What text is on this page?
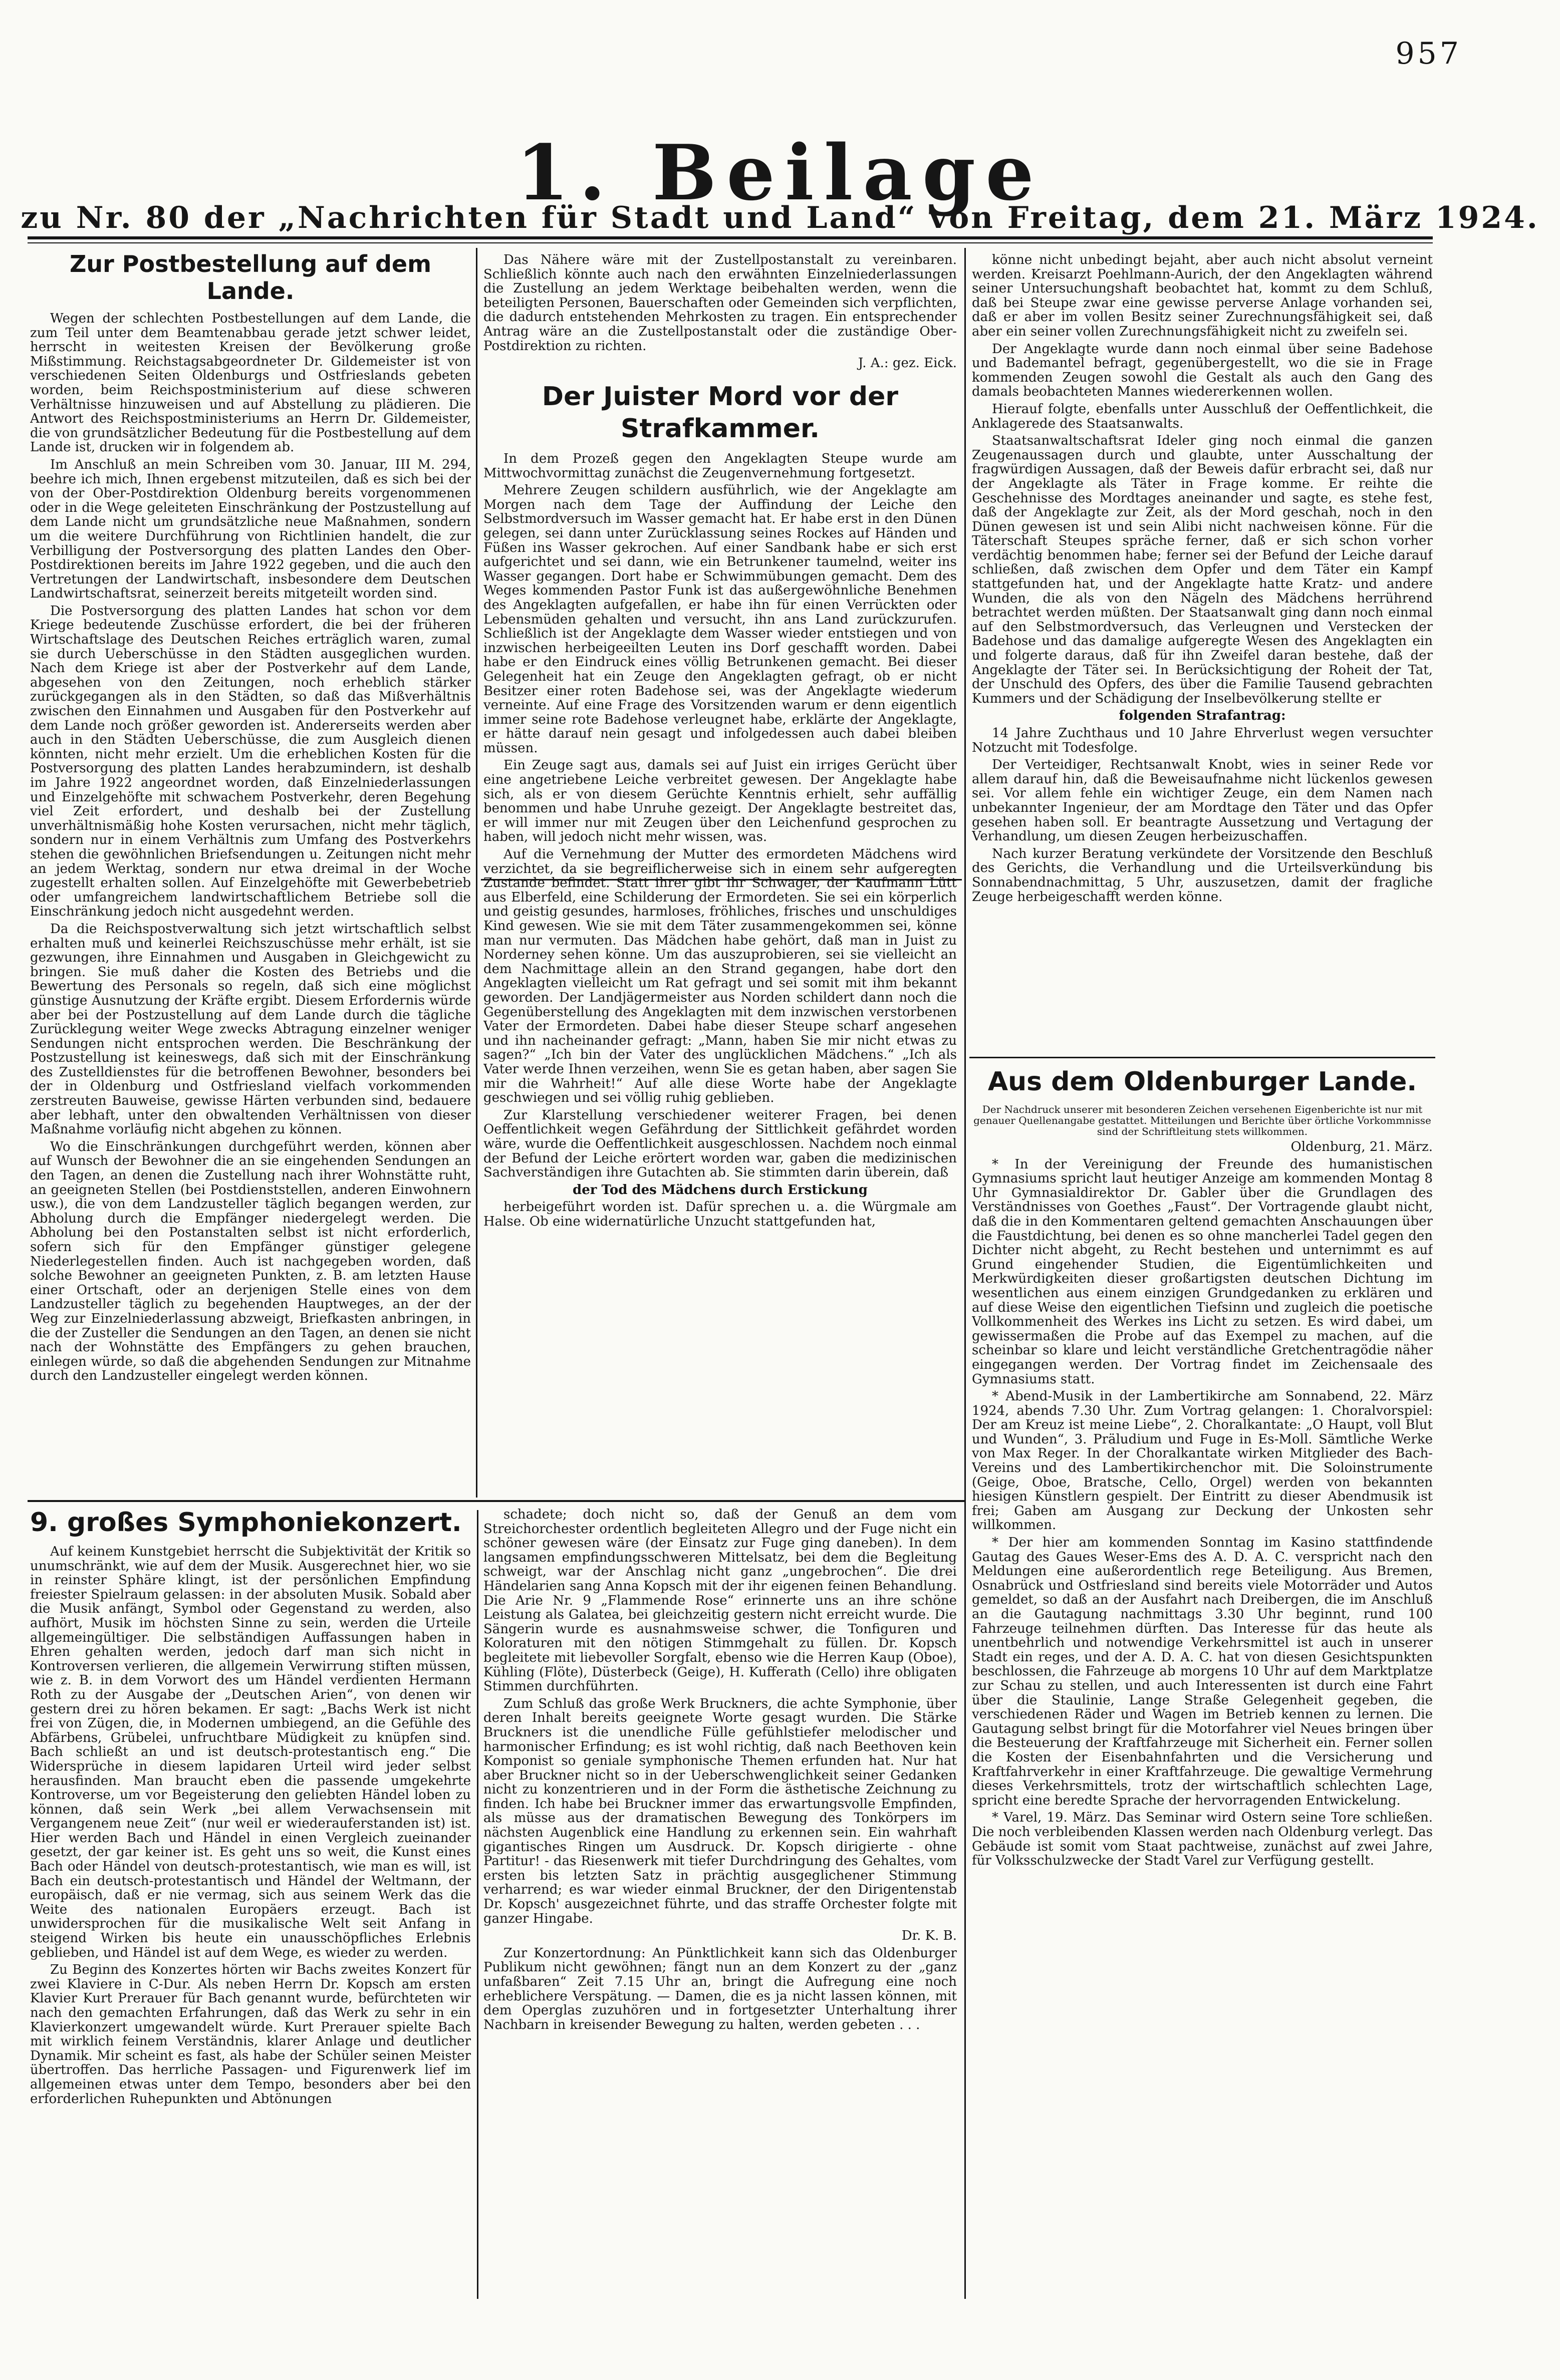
957
1. Beilage
zu Nr. 80 der „Nachrichten für Stadt und Land“ von Freitag, dem 21. März 1924.
Zur Postbestellung auf dem Lande.

Wegen der schlechten Postbestellungen auf dem Lande, die zum Teil unter dem Beamtenabbau gerade jetzt schwer leidet, herrscht in weitesten Kreisen der Bevölkerung große Mißstimmung. Reichstagsabgeordneter Dr. Gildemeister ist von verschiedenen Seiten Oldenburgs und Ostfrieslands gebeten worden, beim Reichspostministerium auf diese schweren Verhältnisse hinzuweisen und auf Abstellung zu plädieren. Die Antwort des Reichspostministeriums an Herrn Dr. Gildemeister, die von grundsätzlicher Bedeutung für die Postbestellung auf dem Lande ist, drucken wir in folgendem ab.

Im Anschluß an mein Schreiben vom 30. Januar, III M. 294, beehre ich mich, Ihnen ergebenst mitzuteilen, daß es sich bei der von der Ober-Postdirektion Oldenburg bereits vorgenommenen oder in die Wege geleiteten Einschränkung der Postzustellung auf dem Lande nicht um grundsätzliche neue Maßnahmen, sondern um die weitere Durchführung von Richtlinien handelt, die zur Verbilligung der Postversorgung des platten Landes den Ober-Postdirektionen bereits im Jahre 1922 gegeben, und die auch den Vertretungen der Landwirtschaft, insbesondere dem Deutschen Landwirtschaftsrat, seinerzeit bereits mitgeteilt worden sind.

Die Postversorgung des platten Landes hat schon vor dem Kriege bedeutende Zuschüsse erfordert, die bei der früheren Wirtschaftslage des Deutschen Reiches erträglich waren, zumal sie durch Ueberschüsse in den Städten ausgeglichen wurden. Nach dem Kriege ist aber der Postverkehr auf dem Lande, abgesehen von den Zeitungen, noch erheblich stärker zurückgegangen als in den Städten, so daß das Mißverhältnis zwischen den Einnahmen und Ausgaben für den Postverkehr auf dem Lande noch größer geworden ist. Andererseits werden aber auch in den Städten Ueberschüsse, die zum Ausgleich dienen könnten, nicht mehr erzielt. Um die erheblichen Kosten für die Postversorgung des platten Landes herabzumindern, ist deshalb im Jahre 1922 angeordnet worden, daß Einzelniederlassungen und Einzelgehöfte mit schwachem Postverkehr, deren Begehung viel Zeit erfordert, und deshalb bei der Zustellung unverhältnismäßig hohe Kosten verursachen, nicht mehr täglich, sondern nur in einem Verhältnis zum Umfang des Postverkehrs stehen die gewöhnlichen Briefsendungen u. Zeitungen nicht mehr an jedem Werktag, sondern nur etwa dreimal in der Woche zugestellt erhalten sollen. Auf Einzelgehöfte mit Gewerbebetrieb oder umfangreichem landwirtschaftlichem Betriebe soll die Einschränkung jedoch nicht ausgedehnt werden.

Da die Reichspostverwaltung sich jetzt wirtschaftlich selbst erhalten muß und keinerlei Reichszuschüsse mehr erhält, ist sie gezwungen, ihre Einnahmen und Ausgaben in Gleichgewicht zu bringen. Sie muß daher die Kosten des Betriebs und die Bewertung des Personals so regeln, daß sich eine möglichst günstige Ausnutzung der Kräfte ergibt. Diesem Erfordernis würde aber bei der Postzustellung auf dem Lande durch die tägliche Zurücklegung weiter Wege zwecks Abtragung einzelner weniger Sendungen nicht entsprochen werden. Die Beschränkung der Postzustellung ist keineswegs, daß sich mit der Einschränkung des Zustelldienstes für die betroffenen Bewohner, besonders bei der in Oldenburg und Ostfriesland vielfach vorkommenden zerstreuten Bauweise, gewisse Härten verbunden sind, bedauere aber lebhaft, unter den obwaltenden Verhältnissen von dieser Maßnahme vorläufig nicht abgehen zu können.

Wo die Einschränkungen durchgeführt werden, können aber auf Wunsch der Bewohner die an sie eingehenden Sendungen an den Tagen, an denen die Zustellung nach ihrer Wohnstätte ruht, an geeigneten Stellen (bei Postdienststellen, anderen Einwohnern usw.), die von dem Landzusteller täglich begangen werden, zur Abholung durch die Empfänger niedergelegt werden. Die Abholung bei den Postanstalten selbst ist nicht erforderlich, sofern sich für den Empfänger günstiger gelegene Niederlegestellen finden. Auch ist nachgegeben worden, daß solche Bewohner an geeigneten Punkten, z. B. am letzten Hause einer Ortschaft, oder an derjenigen Stelle eines von dem Landzusteller täglich zu begehenden Hauptweges, an der der Weg zur Einzelniederlassung abzweigt, Briefkasten anbringen, in die der Zusteller die Sendungen an den Tagen, an denen sie nicht nach der Wohnstätte des Empfängers zu gehen brauchen, einlegen würde, so daß die abgehenden Sendungen zur Mitnahme durch den Landzusteller eingelegt werden können.

Das Nähere wäre mit der Zustellpostanstalt zu vereinbaren. Schließlich könnte auch nach den erwähnten Einzelniederlassungen die Zustellung an jedem Werktage beibehalten werden, wenn die beteiligten Personen, Bauerschaften oder Gemeinden sich verpflichten, die dadurch entstehenden Mehrkosten zu tragen. Ein entsprechender Antrag wäre an die Zustellpostanstalt oder die zuständige Ober-Postdirektion zu richten.

J. A.: gez. Eick.

Der Juister Mord vor der Strafkammer.

In dem Prozeß gegen den Angeklagten Steupe wurde am Mittwochvormittag zunächst die Zeugenvernehmung fortgesetzt.

Mehrere Zeugen schildern ausführlich, wie der Angeklagte am Morgen nach dem Tage der Auffindung der Leiche den Selbstmordversuch im Wasser gemacht hat. Er habe erst in den Dünen gelegen, sei dann unter Zurücklassung seines Rockes auf Händen und Füßen ins Wasser gekrochen. Auf einer Sandbank habe er sich erst aufgerichtet und sei dann, wie ein Betrunkener taumelnd, weiter ins Wasser gegangen. Dort habe er Schwimmübungen gemacht. Dem des Weges kommenden Pastor Funk ist das außergewöhnliche Benehmen des Angeklagten aufgefallen, er habe ihn für einen Verrückten oder Lebensmüden gehalten und versucht, ihn ans Land zurückzurufen. Schließlich ist der Angeklagte dem Wasser wieder entstiegen und von inzwischen herbeigeeilten Leuten ins Dorf geschafft worden. Dabei habe er den Eindruck eines völlig Betrunkenen gemacht. Bei dieser Gelegenheit hat ein Zeuge den Angeklagten gefragt, ob er nicht Besitzer einer roten Badehose sei, was der Angeklagte wiederum verneinte. Auf eine Frage des Vorsitzenden warum er denn eigentlich immer seine rote Badehose verleugnet habe, erklärte der Angeklagte, er hätte darauf nein gesagt und infolgedessen auch dabei bleiben müssen.

Ein Zeuge sagt aus, damals sei auf Juist ein irriges Gerücht über eine angetriebene Leiche verbreitet gewesen. Der Angeklagte habe sich, als er von diesem Gerüchte Kenntnis erhielt, sehr auffällig benommen und habe Unruhe gezeigt. Der Angeklagte bestreitet das, er will immer nur mit Zeugen über den Leichenfund gesprochen zu haben, will jedoch nicht mehr wissen, was.

Auf die Vernehmung der Mutter des ermordeten Mädchens wird verzichtet, da sie begreiflicherweise sich in einem sehr aufgeregten Zustande befindet. Statt ihrer gibt ihr Schwager, der Kaufmann Lütt aus Elberfeld, eine Schilderung der Ermordeten. Sie sei ein körperlich und geistig gesundes, harmloses, fröhliches, frisches und unschuldiges Kind gewesen. Wie sie mit dem Täter zusammengekommen sei, könne man nur vermuten. Das Mädchen habe gehört, daß man in Juist zu Norderney sehen könne. Um das auszuprobieren, sei sie vielleicht an dem Nachmittage allein an den Strand gegangen, habe dort den Angeklagten vielleicht um Rat gefragt und sei somit mit ihm bekannt geworden. Der Landjägermeister aus Norden schildert dann noch die Gegenüberstellung des Angeklagten mit dem inzwischen verstorbenen Vater der Ermordeten. Dabei habe dieser Steupe scharf angesehen und ihn nacheinander gefragt: „Mann, haben Sie mir nicht etwas zu sagen?“ „Ich bin der Vater des unglücklichen Mädchens.“ „Ich als Vater werde Ihnen verzeihen, wenn Sie es getan haben, aber sagen Sie mir die Wahrheit!“ Auf alle diese Worte habe der Angeklagte geschwiegen und sei völlig ruhig geblieben.

Zur Klarstellung verschiedener weiterer Fragen, bei denen Oeffentlichkeit wegen Gefährdung der Sittlichkeit gefährdet worden wäre, wurde die Oeffentlichkeit ausgeschlossen. Nachdem noch einmal der Befund der Leiche erörtert worden war, gaben die medizinischen Sachverständigen ihre Gutachten ab. Sie stimmten darin überein, daß

der Tod des Mädchens durch Erstickung

herbeigeführt worden ist. Dafür sprechen u. a. die Würgmale am Halse. Ob eine widernatürliche Unzucht stattgefunden hat,

könne nicht unbedingt bejaht, aber auch nicht absolut verneint werden. Kreisarzt Poehlmann-Aurich, der den Angeklagten während seiner Untersuchungshaft beobachtet hat, kommt zu dem Schluß, daß bei Steupe zwar eine gewisse perverse Anlage vorhanden sei, daß er aber im vollen Besitz seiner Zurechnungsfähigkeit sei, daß aber ein seiner vollen Zurechnungsfähigkeit nicht zu zweifeln sei.

Der Angeklagte wurde dann noch einmal über seine Badehose und Bademantel befragt, gegenübergestellt, wo die sie in Frage kommenden Zeugen sowohl die Gestalt als auch den Gang des damals beobachteten Mannes wiedererkennen wollen.

Hierauf folgte, ebenfalls unter Ausschluß der Oeffentlichkeit, die Anklagerede des Staatsanwalts.

Staatsanwaltschaftsrat Ideler ging noch einmal die ganzen Zeugenaussagen durch und glaubte, unter Ausschaltung der fragwürdigen Aussagen, daß der Beweis dafür erbracht sei, daß nur der Angeklagte als Täter in Frage komme. Er reihte die Geschehnisse des Mordtages aneinander und sagte, es stehe fest, daß der Angeklagte zur Zeit, als der Mord geschah, noch in den Dünen gewesen ist und sein Alibi nicht nachweisen könne. Für die Täterschaft Steupes spräche ferner, daß er sich schon vorher verdächtig benommen habe; ferner sei der Befund der Leiche darauf schließen, daß zwischen dem Opfer und dem Täter ein Kampf stattgefunden hat, und der Angeklagte hatte Kratz- und andere Wunden, die als von den Nägeln des Mädchens herrührend betrachtet werden müßten. Der Staatsanwalt ging dann noch einmal auf den Selbstmordversuch, das Verleugnen und Verstecken der Badehose und das damalige aufgeregte Wesen des Angeklagten ein und folgerte daraus, daß für ihn Zweifel daran bestehe, daß der Angeklagte der Täter sei. In Berücksichtigung der Roheit der Tat, der Unschuld des Opfers, des über die Familie Tausend gebrachten Kummers und der Schädigung der Inselbevölkerung stellte er

folgenden Strafantrag:

14 Jahre Zuchthaus und 10 Jahre Ehrverlust wegen versuchter Notzucht mit Todesfolge.

Der Verteidiger, Rechtsanwalt Knobt, wies in seiner Rede vor allem darauf hin, daß die Beweisaufnahme nicht lückenlos gewesen sei. Vor allem fehle ein wichtiger Zeuge, ein dem Namen nach unbekannter Ingenieur, der am Mordtage den Täter und das Opfer gesehen haben soll. Er beantragte Aussetzung und Vertagung der Verhandlung, um diesen Zeugen herbeizuschaffen.

Nach kurzer Beratung verkündete der Vorsitzende den Beschluß des Gerichts, die Verhandlung und die Urteilsverkündung bis Sonnabendnachmittag, 5 Uhr, auszusetzen, damit der fragliche Zeuge herbeigeschafft werden könne.

Aus dem Oldenburger Lande.

Der Nachdruck unserer mit besonderen Zeichen versehenen Eigenberichte ist nur mit genauer Quellenangabe gestattet. Mitteilungen und Berichte über örtliche Vorkommnisse sind der Schriftleitung stets willkommen.

Oldenburg, 21. März.

* In der Vereinigung der Freunde des humanistischen Gymnasiums spricht laut heutiger Anzeige am kommenden Montag 8 Uhr Gymnasialdirektor Dr. Gabler über die Grundlagen des Verständnisses von Goethes „Faust“. Der Vortragende glaubt nicht, daß die in den Kommentaren geltend gemachten Anschauungen über die Faustdichtung, bei denen es so ohne mancherlei Tadel gegen den Dichter nicht abgeht, zu Recht bestehen und unternimmt es auf Grund eingehender Studien, die Eigentümlichkeiten und Merkwürdigkeiten dieser großartigsten deutschen Dichtung im wesentlichen aus einem einzigen Grundgedanken zu erklären und auf diese Weise den eigentlichen Tiefsinn und zugleich die poetische Vollkommenheit des Werkes ins Licht zu setzen. Es wird dabei, um gewissermaßen die Probe auf das Exempel zu machen, auf die scheinbar so klare und leicht verständliche Gretchentragödie näher eingegangen werden. Der Vortrag findet im Zeichensaale des Gymnasiums statt.

* Abend-Musik in der Lambertikirche am Sonnabend, 22. März 1924, abends 7.30 Uhr. Zum Vortrag gelangen: 1. Choralvorspiel: Der am Kreuz ist meine Liebe“, 2. Choralkantate: „O Haupt, voll Blut und Wunden“, 3. Präludium und Fuge in Es-Moll. Sämtliche Werke von Max Reger. In der Choralkantate wirken Mitglieder des Bach-Vereins und des Lambertikirchenchor mit. Die Soloinstrumente (Geige, Oboe, Bratsche, Cello, Orgel) werden von bekannten hiesigen Künstlern gespielt. Der Eintritt zu dieser Abendmusik ist frei; Gaben am Ausgang zur Deckung der Unkosten sehr willkommen.

* Der hier am kommenden Sonntag im Kasino stattfindende Gautag des Gaues Weser-Ems des A. D. A. C. verspricht nach den Meldungen eine außerordentlich rege Beteiligung. Aus Bremen, Osnabrück und Ostfriesland sind bereits viele Motorräder und Autos gemeldet, so daß an der Ausfahrt nach Dreibergen, die im Anschluß an die Gautagung nachmittags 3.30 Uhr beginnt, rund 100 Fahrzeuge teilnehmen dürften. Das Interesse für das heute als unentbehrlich und notwendige Verkehrsmittel ist auch in unserer Stadt ein reges, und der A. D. A. C. hat von diesen Gesichtspunkten beschlossen, die Fahrzeuge ab morgens 10 Uhr auf dem Marktplatze zur Schau zu stellen, und auch Interessenten ist durch eine Fahrt über die Staulinie, Lange Straße Gelegenheit gegeben, die verschiedenen Räder und Wagen im Betrieb kennen zu lernen. Die Gautagung selbst bringt für die Motorfahrer viel Neues bringen über die Besteuerung der Kraftfahrzeuge mit Sicherheit ein. Ferner sollen die Kosten der Eisenbahnfahrten und die Versicherung und Kraftfahrverkehr in einer Kraftfahrzeuge. Die gewaltige Vermehrung dieses Verkehrsmittels, trotz der wirtschaftlich schlechten Lage, spricht eine beredte Sprache der hervorragenden Entwickelung.

* Varel, 19. März. Das Seminar wird Ostern seine Tore schließen. Die noch verbleibenden Klassen werden nach Oldenburg verlegt. Das Gebäude ist somit vom Staat pachtweise, zunächst auf zwei Jahre, für Volksschulzwecke der Stadt Varel zur Verfügung gestellt.

9. großes Symphoniekonzert.

Auf keinem Kunstgebiet herrscht die Subjektivität der Kritik so unumschränkt, wie auf dem der Musik. Ausgerechnet hier, wo sie in reinster Sphäre klingt, ist der persönlichen Empfindung freiester Spielraum gelassen: in der absoluten Musik. Sobald aber die Musik anfängt, Symbol oder Gegenstand zu werden, also aufhört, Musik im höchsten Sinne zu sein, werden die Urteile allgemeingültiger. Die selbständigen Auffassungen haben in Ehren gehalten werden, jedoch darf man sich nicht in Kontroversen verlieren, die allgemein Verwirrung stiften müssen, wie z. B. in dem Vorwort des um Händel verdienten Hermann Roth zu der Ausgabe der „Deutschen Arien“, von denen wir gestern drei zu hören bekamen. Er sagt: „Bachs Werk ist nicht frei von Zügen, die, in Modernen umbiegend, an die Gefühle des Abfärbens, Grübelei, unfruchtbare Müdigkeit zu knüpfen sind. Bach schließt an und ist deutsch-protestantisch eng.“ Die Widersprüche in diesem lapidaren Urteil wird jeder selbst herausfinden. Man braucht eben die passende umgekehrte Kontroverse, um vor Begeisterung den geliebten Händel loben zu können, daß sein Werk „bei allem Verwachsensein mit Vergangenem neue Zeit“ (nur weil er wiederauferstanden ist) ist. Hier werden Bach und Händel in einen Vergleich zueinander gesetzt, der gar keiner ist. Es geht uns so weit, die Kunst eines Bach oder Händel von deutsch-protestantisch, wie man es will, ist Bach ein deutsch-protestantisch und Händel der Weltmann, der europäisch, daß er nie vermag, sich aus seinem Werk das die Weite des nationalen Europäers erzeugt. Bach ist unwidersprochen für die musikalische Welt seit Anfang in steigend Wirken bis heute ein unausschöpfliches Erlebnis geblieben, und Händel ist auf dem Wege, es wieder zu werden.

Zu Beginn des Konzertes hörten wir Bachs zweites Konzert für zwei Klaviere in C-Dur. Als neben Herrn Dr. Kopsch am ersten Klavier Kurt Prerauer für Bach genannt wurde, befürchteten wir nach den gemachten Erfahrungen, daß das Werk zu sehr in ein Klavierkonzert umgewandelt würde. Kurt Prerauer spielte Bach mit wirklich feinem Verständnis, klarer Anlage und deutlicher Dynamik. Mir scheint es fast, als habe der Schüler seinen Meister übertroffen. Das herrliche Passagen- und Figurenwerk lief im allgemeinen etwas unter dem Tempo, besonders aber bei den erforderlichen Ruhepunkten und Abtönungen

schadete; doch nicht so, daß der Genuß an dem vom Streichorchester ordentlich begleiteten Allegro und der Fuge nicht ein schöner gewesen wäre (der Einsatz zur Fuge ging daneben). In dem langsamen empfindungsschweren Mittelsatz, bei dem die Begleitung schweigt, war der Anschlag nicht ganz „ungebrochen“. Die drei Händelarien sang Anna Kopsch mit der ihr eigenen feinen Behandlung. Die Arie Nr. 9 „Flammende Rose“ erinnerte uns an ihre schöne Leistung als Galatea, bei gleichzeitig gestern nicht erreicht wurde. Die Sängerin wurde es ausnahmsweise schwer, die Tonfiguren und Koloraturen mit den nötigen Stimmgehalt zu füllen. Dr. Kopsch begleitete mit liebevoller Sorgfalt, ebenso wie die Herren Kaup (Oboe), Kühling (Flöte), Düsterbeck (Geige), H. Kufferath (Cello) ihre obligaten Stimmen durchführten.

Zum Schluß das große Werk Bruckners, die achte Symphonie, über deren Inhalt bereits geeignete Worte gesagt wurden. Die Stärke Bruckners ist die unendliche Fülle gefühlstiefer melodischer und harmonischer Erfindung; es ist wohl richtig, daß nach Beethoven kein Komponist so geniale symphonische Themen erfunden hat. Nur hat aber Bruckner nicht so in der Ueberschwenglichkeit seiner Gedanken nicht zu konzentrieren und in der Form die ästhetische Zeichnung zu finden. Ich habe bei Bruckner immer das erwartungsvolle Empfinden, als müsse aus der dramatischen Bewegung des Tonkörpers im nächsten Augenblick eine Handlung zu erkennen sein. Ein wahrhaft gigantisches Ringen um Ausdruck. Dr. Kopsch dirigierte - ohne Partitur! - das Riesenwerk mit tiefer Durchdringung des Gehaltes, vom ersten bis letzten Satz in prächtig ausgeglichener Stimmung verharrend; es war wieder einmal Bruckner, der den Dirigentenstab Dr. Kopsch' ausgezeichnet führte, und das straffe Orchester folgte mit ganzer Hingabe.

Dr. K. B.

Zur Konzertordnung: An Pünktlichkeit kann sich das Oldenburger Publikum nicht gewöhnen; fängt nun an dem Konzert zu der „ganz unfaßbaren“ Zeit 7.15 Uhr an, bringt die Aufregung eine noch erheblichere Verspätung. — Damen, die es ja nicht lassen können, mit dem Operglas zuzuhören und in fortgesetzter Unterhaltung ihrer Nachbarn in kreisender Bewegung zu halten, werden gebeten . . .
